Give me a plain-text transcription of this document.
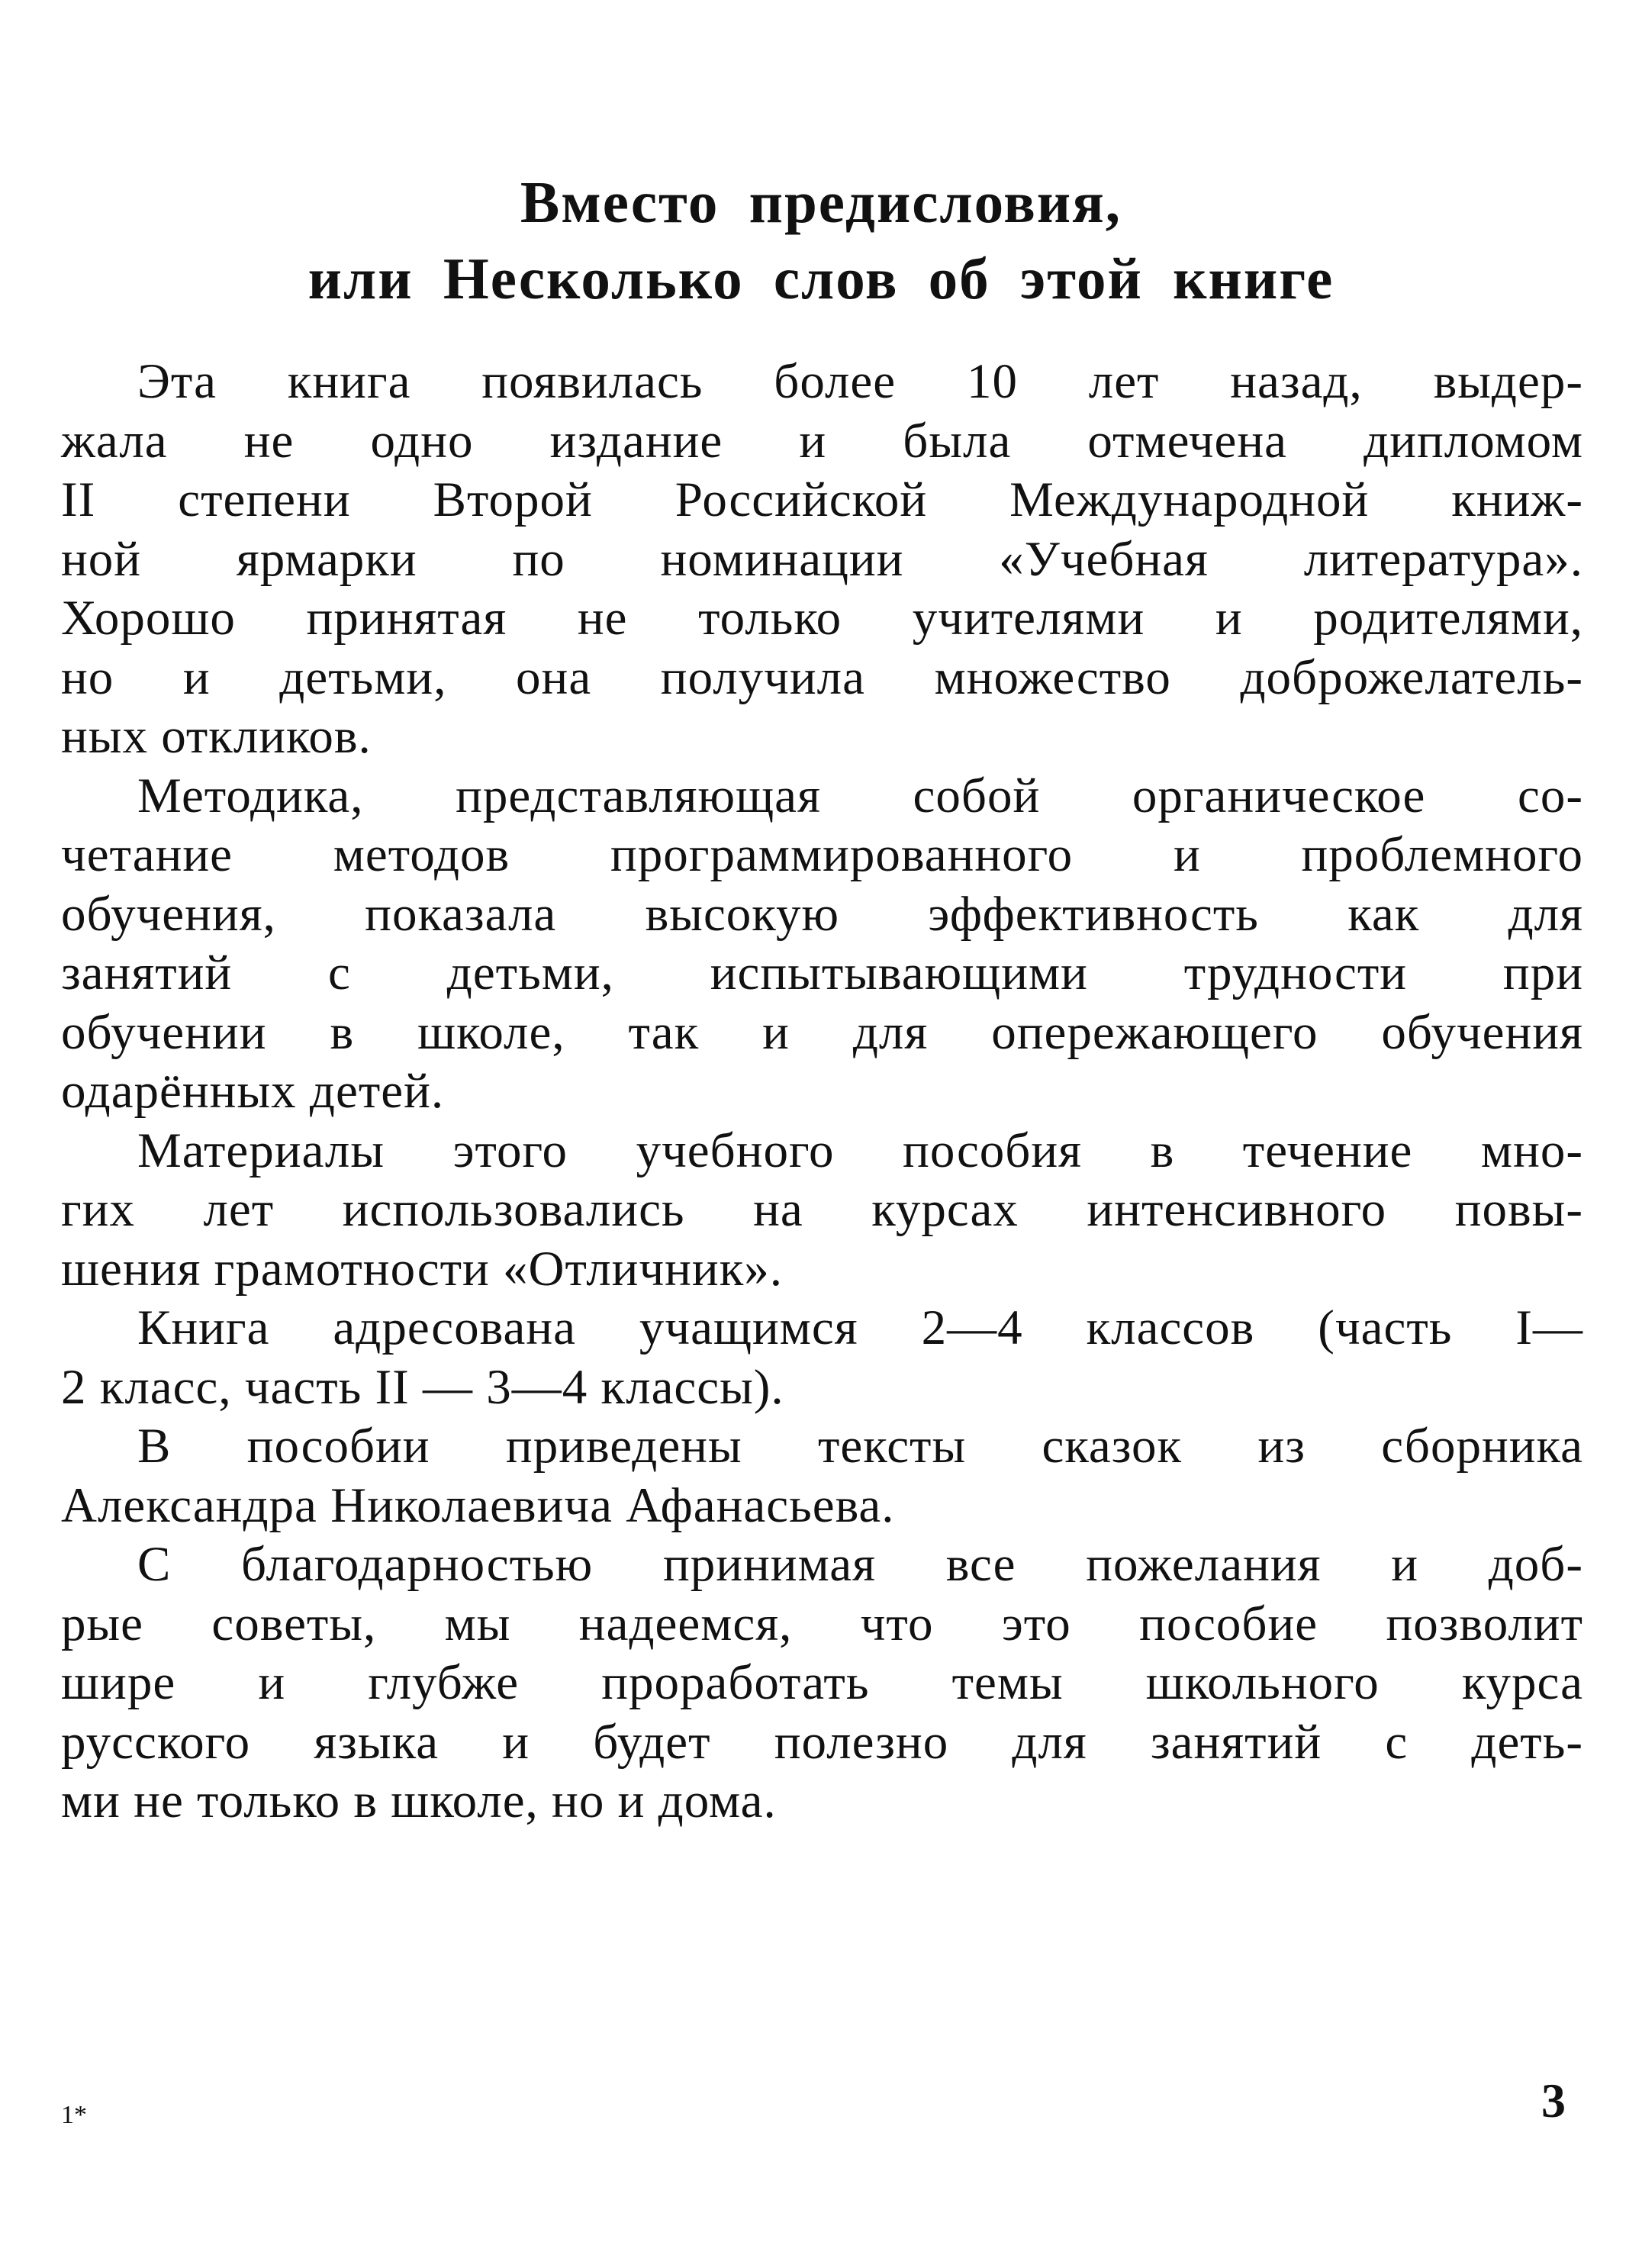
Вместо предисловия,
или Несколько слов об этой книге
Эта книга появилась более 10 лет назад, выдер-
жала не одно издание и была отмечена дипломом
II степени Второй Российской Международной книж-
ной ярмарки по номинации «Учебная литература».
Хорошо принятая не только учителями и родителями,
но и детьми, она получила множество доброжелатель-
ных откликов.
Методика, представляющая собой органическое со-
четание методов программированного и проблемного
обучения, показала высокую эффективность как для
занятий с детьми, испытывающими трудности при
обучении в школе, так и для опережающего обучения
одарённых детей.
Материалы этого учебного пособия в течение мно-
гих лет использовались на курсах интенсивного повы-
шения грамотности «Отличник».
Книга адресована учащимся 2—4 классов (часть I—
2 класс, часть II — 3—4 классы).
В пособии приведены тексты сказок из сборника
Александра Николаевича Афанасьева.
С благодарностью принимая все пожелания и доб-
рые советы, мы надеемся, что это пособие позволит
шире и глубже проработать темы школьного курса
русского языка и будет полезно для занятий с деть-
ми не только в школе, но и дома.
1*	3
